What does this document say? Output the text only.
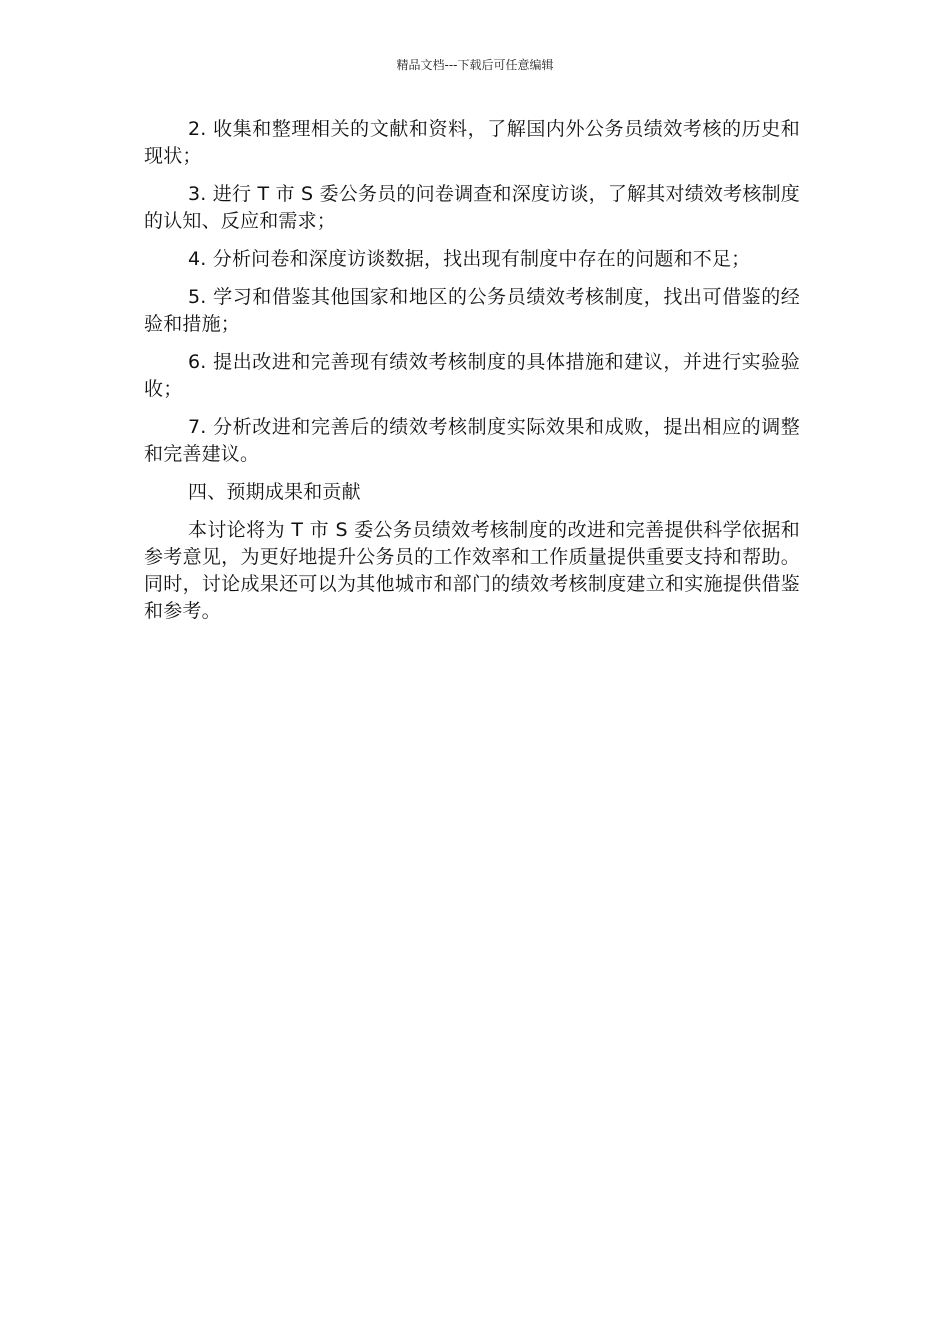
精品文档---下载后可任意编辑

2. 收集和整理相关的文献和资料，了解国内外公务员绩效考核的历史和现状；

3. 进行 T 市 S 委公务员的问卷调查和深度访谈，了解其对绩效考核制度的认知、反应和需求；

4. 分析问卷和深度访谈数据，找出现有制度中存在的问题和不足；

5. 学习和借鉴其他国家和地区的公务员绩效考核制度，找出可借鉴的经验和措施；

6. 提出改进和完善现有绩效考核制度的具体措施和建议，并进行实验验收；

7. 分析改进和完善后的绩效考核制度实际效果和成败，提出相应的调整和完善建议。

四、预期成果和贡献

本讨论将为 T 市 S 委公务员绩效考核制度的改进和完善提供科学依据和参考意见，为更好地提升公务员的工作效率和工作质量提供重要支持和帮助。同时，讨论成果还可以为其他城市和部门的绩效考核制度建立和实施提供借鉴和参考。
